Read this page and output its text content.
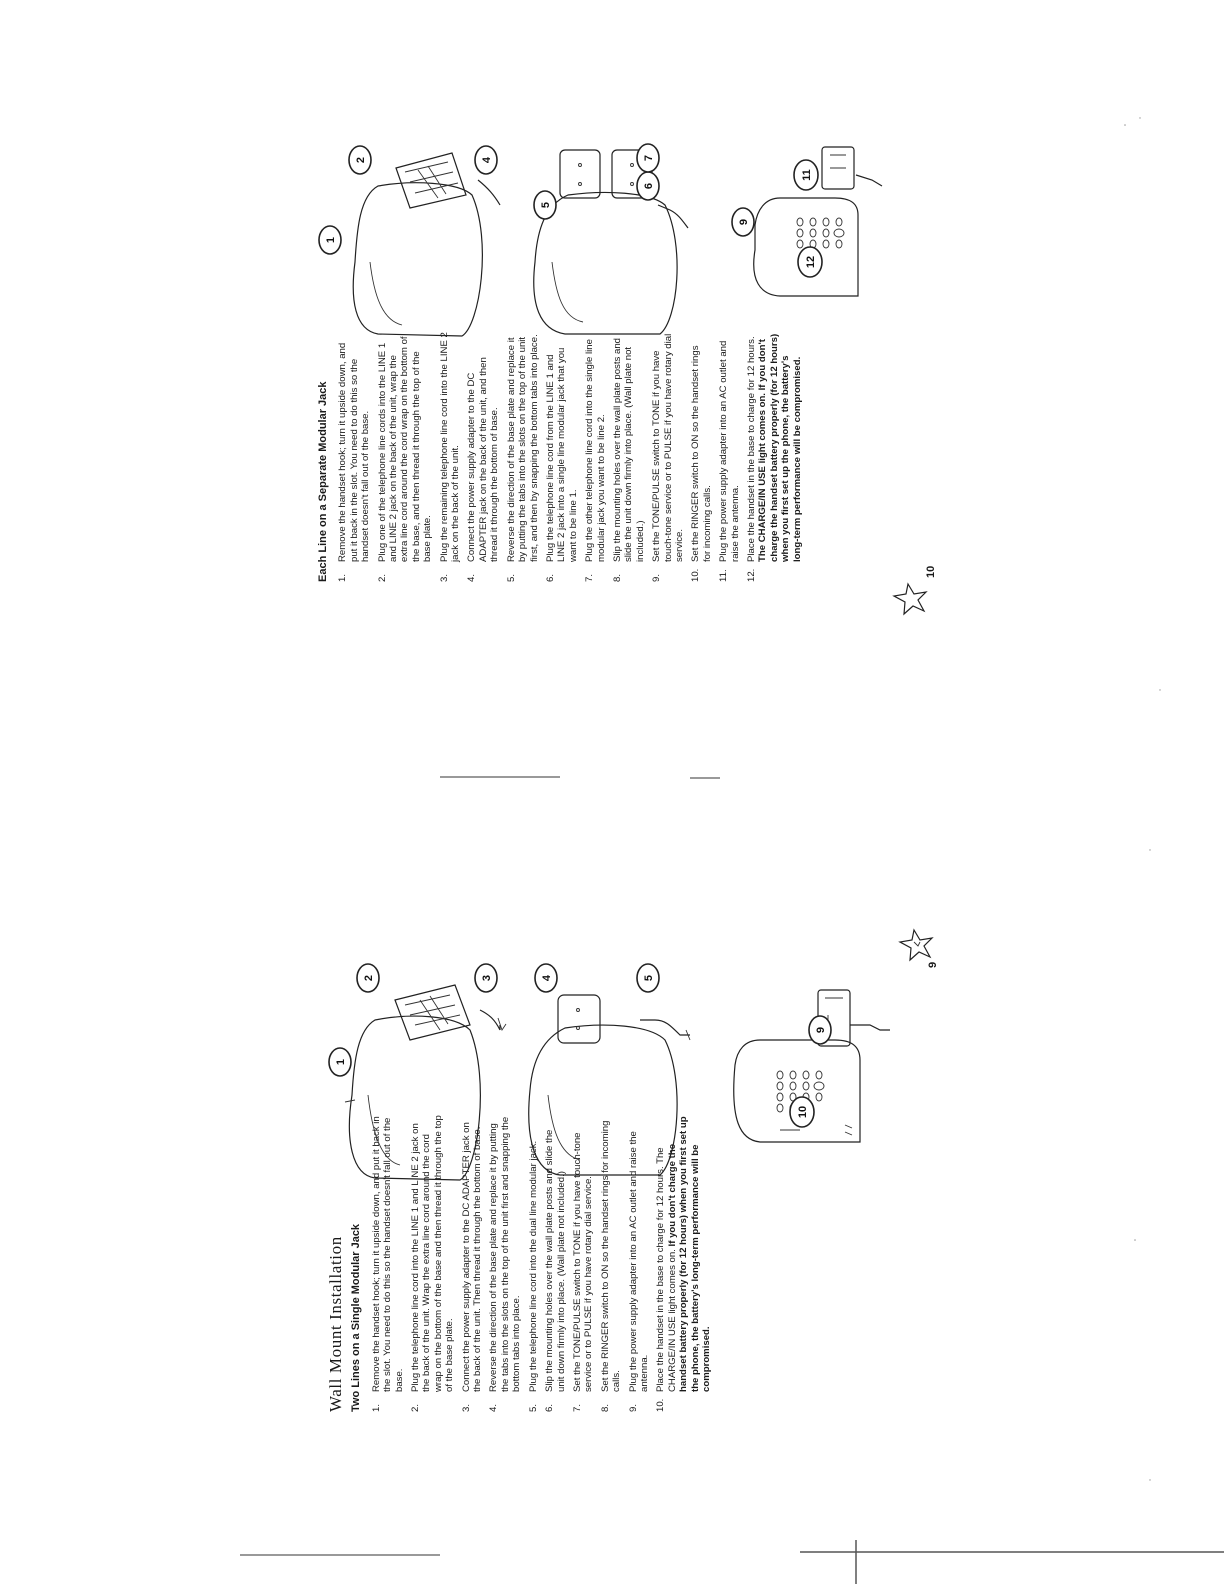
Wall Mount Installation Two Lines on a Single Modular Jack 1.
Remove the handset hook; turn it upside down, and put it back in the slot. You need to do this so the handset doesn't fall out of the base.
2.
Plug the telephone line cord into the LINE 1 and LINE 2 jack on the back of the unit. Wrap the extra line cord around the cord wrap on the bottom of the base and then thread it through the top of the base plate.
3.
Connect the power supply adapter to the DC ADAPTER jack on the back of the unit. Then thread it through the bottom of base.
4.
Reverse the direction of the base plate and replace it by putting the tabs into the slots on the top of the unit first and snapping the bottom tabs into place.
5.
Plug the telephone line cord into the dual line modular jack.
6.
Slip the mounting holes over the wall plate posts and slide the unit down firmly into place. (Wall plate not included.)
7.
Set the TONE/PULSE switch to TONE if you have touch-tone service or to PULSE if you have rotary dial service.
8.
Set the RINGER switch to ON so the handset rings for incoming calls.
9.
Plug the power supply adapter into an AC outlet and raise the antenna.
10.
Place the handset in the base to charge for 12 hours. The CHARGE/IN USE light comes on. If you don't charge the handset battery properly (for 12 hours) when you first set up the phone, the battery's long-term performance will be compromised.
Each Line on a Separate Modular Jack 1.
Remove the handset hook; turn it upside down, and put it back in the slot. You need to do this so the handset doesn't fall out of the base.
2.
Plug one of the telephone line cords into the LINE 1 and LINE 2 jack on the back of the unit, wrap the extra line cord around the cord wrap on the bottom of the base, and then thread it through the top of the base plate.
3.
Plug the remaining telephone line cord into the LINE 2 jack on the back of the unit.
4.
Connect the power supply adapter to the DC ADAPTER jack on the back of the unit, and then thread it through the bottom of base.
5.
Reverse the direction of the base plate and replace it by putting the tabs into the slots on the top of the unit first, and then by snapping the bottom tabs into place.
6.
Plug the telephone line cord from the LINE 1 and LINE 2 jack into a single line modular jack that you want to be line 1.
7.
Plug the other telephone line cord into the single line modular jack you want to be line 2.
8.
Slip the mounting holes over the wall plate posts and slide the unit down firmly into place. (Wall plate not included.)
9.
Set the TONE/PULSE switch to TONE if you have touch-tone service or to PULSE if you have rotary dial service.
10.
Set the RINGER switch to ON so the handset rings for incoming calls.
11.
Plug the power supply adapter into an AC outlet and raise the antenna.
12.
Place the handset in the base to charge for 12 hours. The CHARGE/IN USE light comes on. If you don't charge the handset battery properly (for 12 hours) when you first set up the phone, the battery's long-term performance will be compromised.
9
10
1
2	3	4	5
9
10
1
2	4
5
6
7
9
11
12
